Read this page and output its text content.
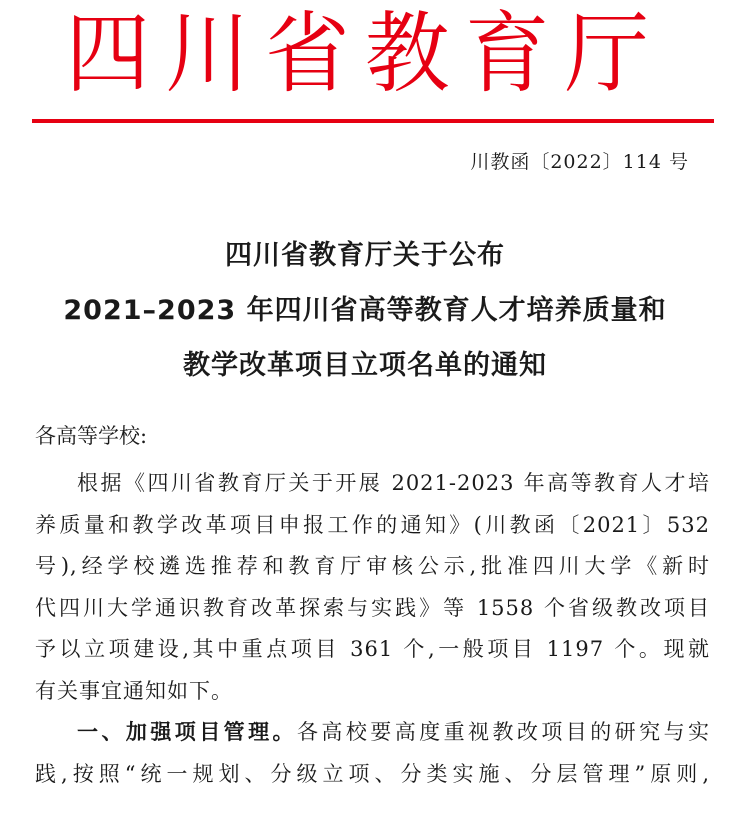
四川省教育厅
川教函〔2022〕114 号
四川省教育厅关于公布
2021–2023 年四川省高等教育人才培养质量和
教学改革项目立项名单的通知
各高等学校:
根据《四川省教育厅关于开展 2021-2023 年高等教育人才培
养质量和教学改革项目申报工作的通知》(川教函〔2021〕532
号),经学校遴选推荐和教育厅审核公示,批准四川大学《新时
代四川大学通识教育改革探索与实践》等 1558 个省级教改项目
予以立项建设,其中重点项目 361 个,一般项目 1197 个。现就
有关事宜通知如下。
一、加强项目管理。各高校要高度重视教改项目的研究与实
践,按照“统一规划、分级立项、分类实施、分层管理”原则,
